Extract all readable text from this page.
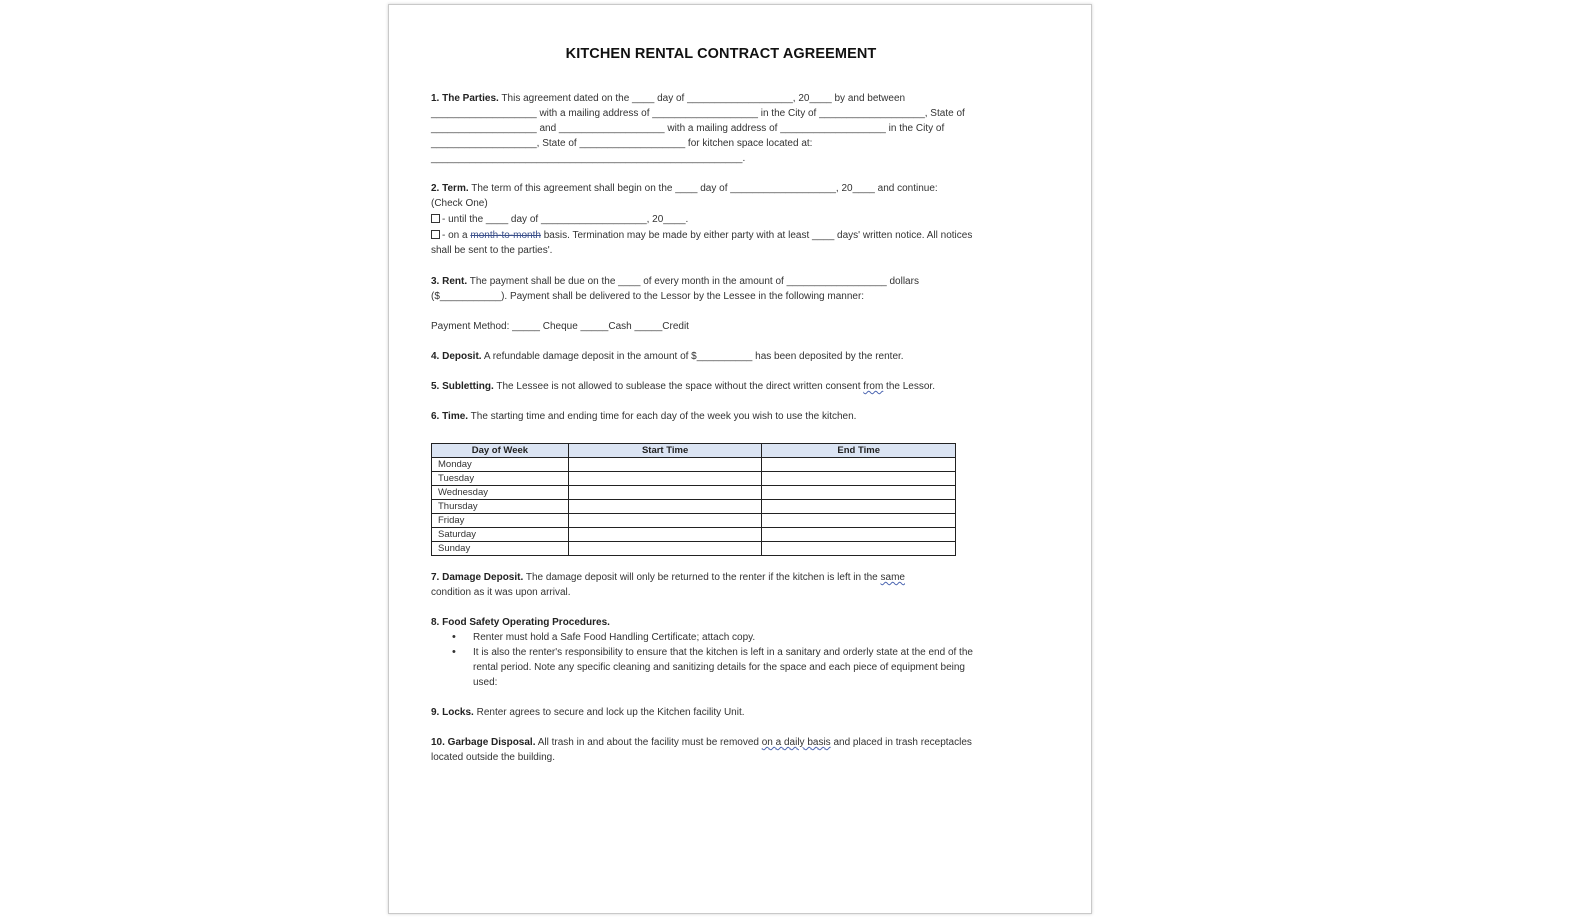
KITCHEN RENTAL CONTRACT AGREEMENT
1. The Parties. This agreement dated on the ____ day of ___________________, 20____ by and between
___________________ with a mailing address of ___________________ in the City of ___________________, State of
___________________ and ___________________ with a mailing address of ___________________ in the City of
___________________, State of ___________________ for kitchen space located at:
________________________________________________________.
2. Term. The term of this agreement shall begin on the ____ day of ___________________, 20____ and continue:
(Check One)
- until the ____ day of ___________________, 20____.
- on a month-to-month basis. Termination may be made by either party with at least ____ days' written notice. All notices
shall be sent to the parties'.
3. Rent. The payment shall be due on the ____ of every month in the amount of __________________ dollars
($___________). Payment shall be delivered to the Lessor by the Lessee in the following manner:
Payment Method: _____ Cheque _____Cash _____Credit
4. Deposit. A refundable damage deposit in the amount of $__________ has been deposited by the renter.
5. Subletting. The Lessee is not allowed to sublease the space without the direct written consent from the Lessor.
6. Time. The starting time and ending time for each day of the week you wish to use the kitchen.
Day of Week	Start Time	End Time
Monday		
Tuesday		
Wednesday		
Thursday		
Friday		
Saturday		
Sunday		
7. Damage Deposit. The damage deposit will only be returned to the renter if the kitchen is left in the same
condition as it was upon arrival.
8. Food Safety Operating Procedures.
• Renter must hold a Safe Food Handling Certificate; attach copy.
• It is also the renter's responsibility to ensure that the kitchen is left in a sanitary and orderly state at the end of the
rental period. Note any specific cleaning and sanitizing details for the space and each piece of equipment being
used:
9. Locks. Renter agrees to secure and lock up the Kitchen facility Unit.
10. Garbage Disposal. All trash in and about the facility must be removed on a daily basis and placed in trash receptacles
located outside the building.
